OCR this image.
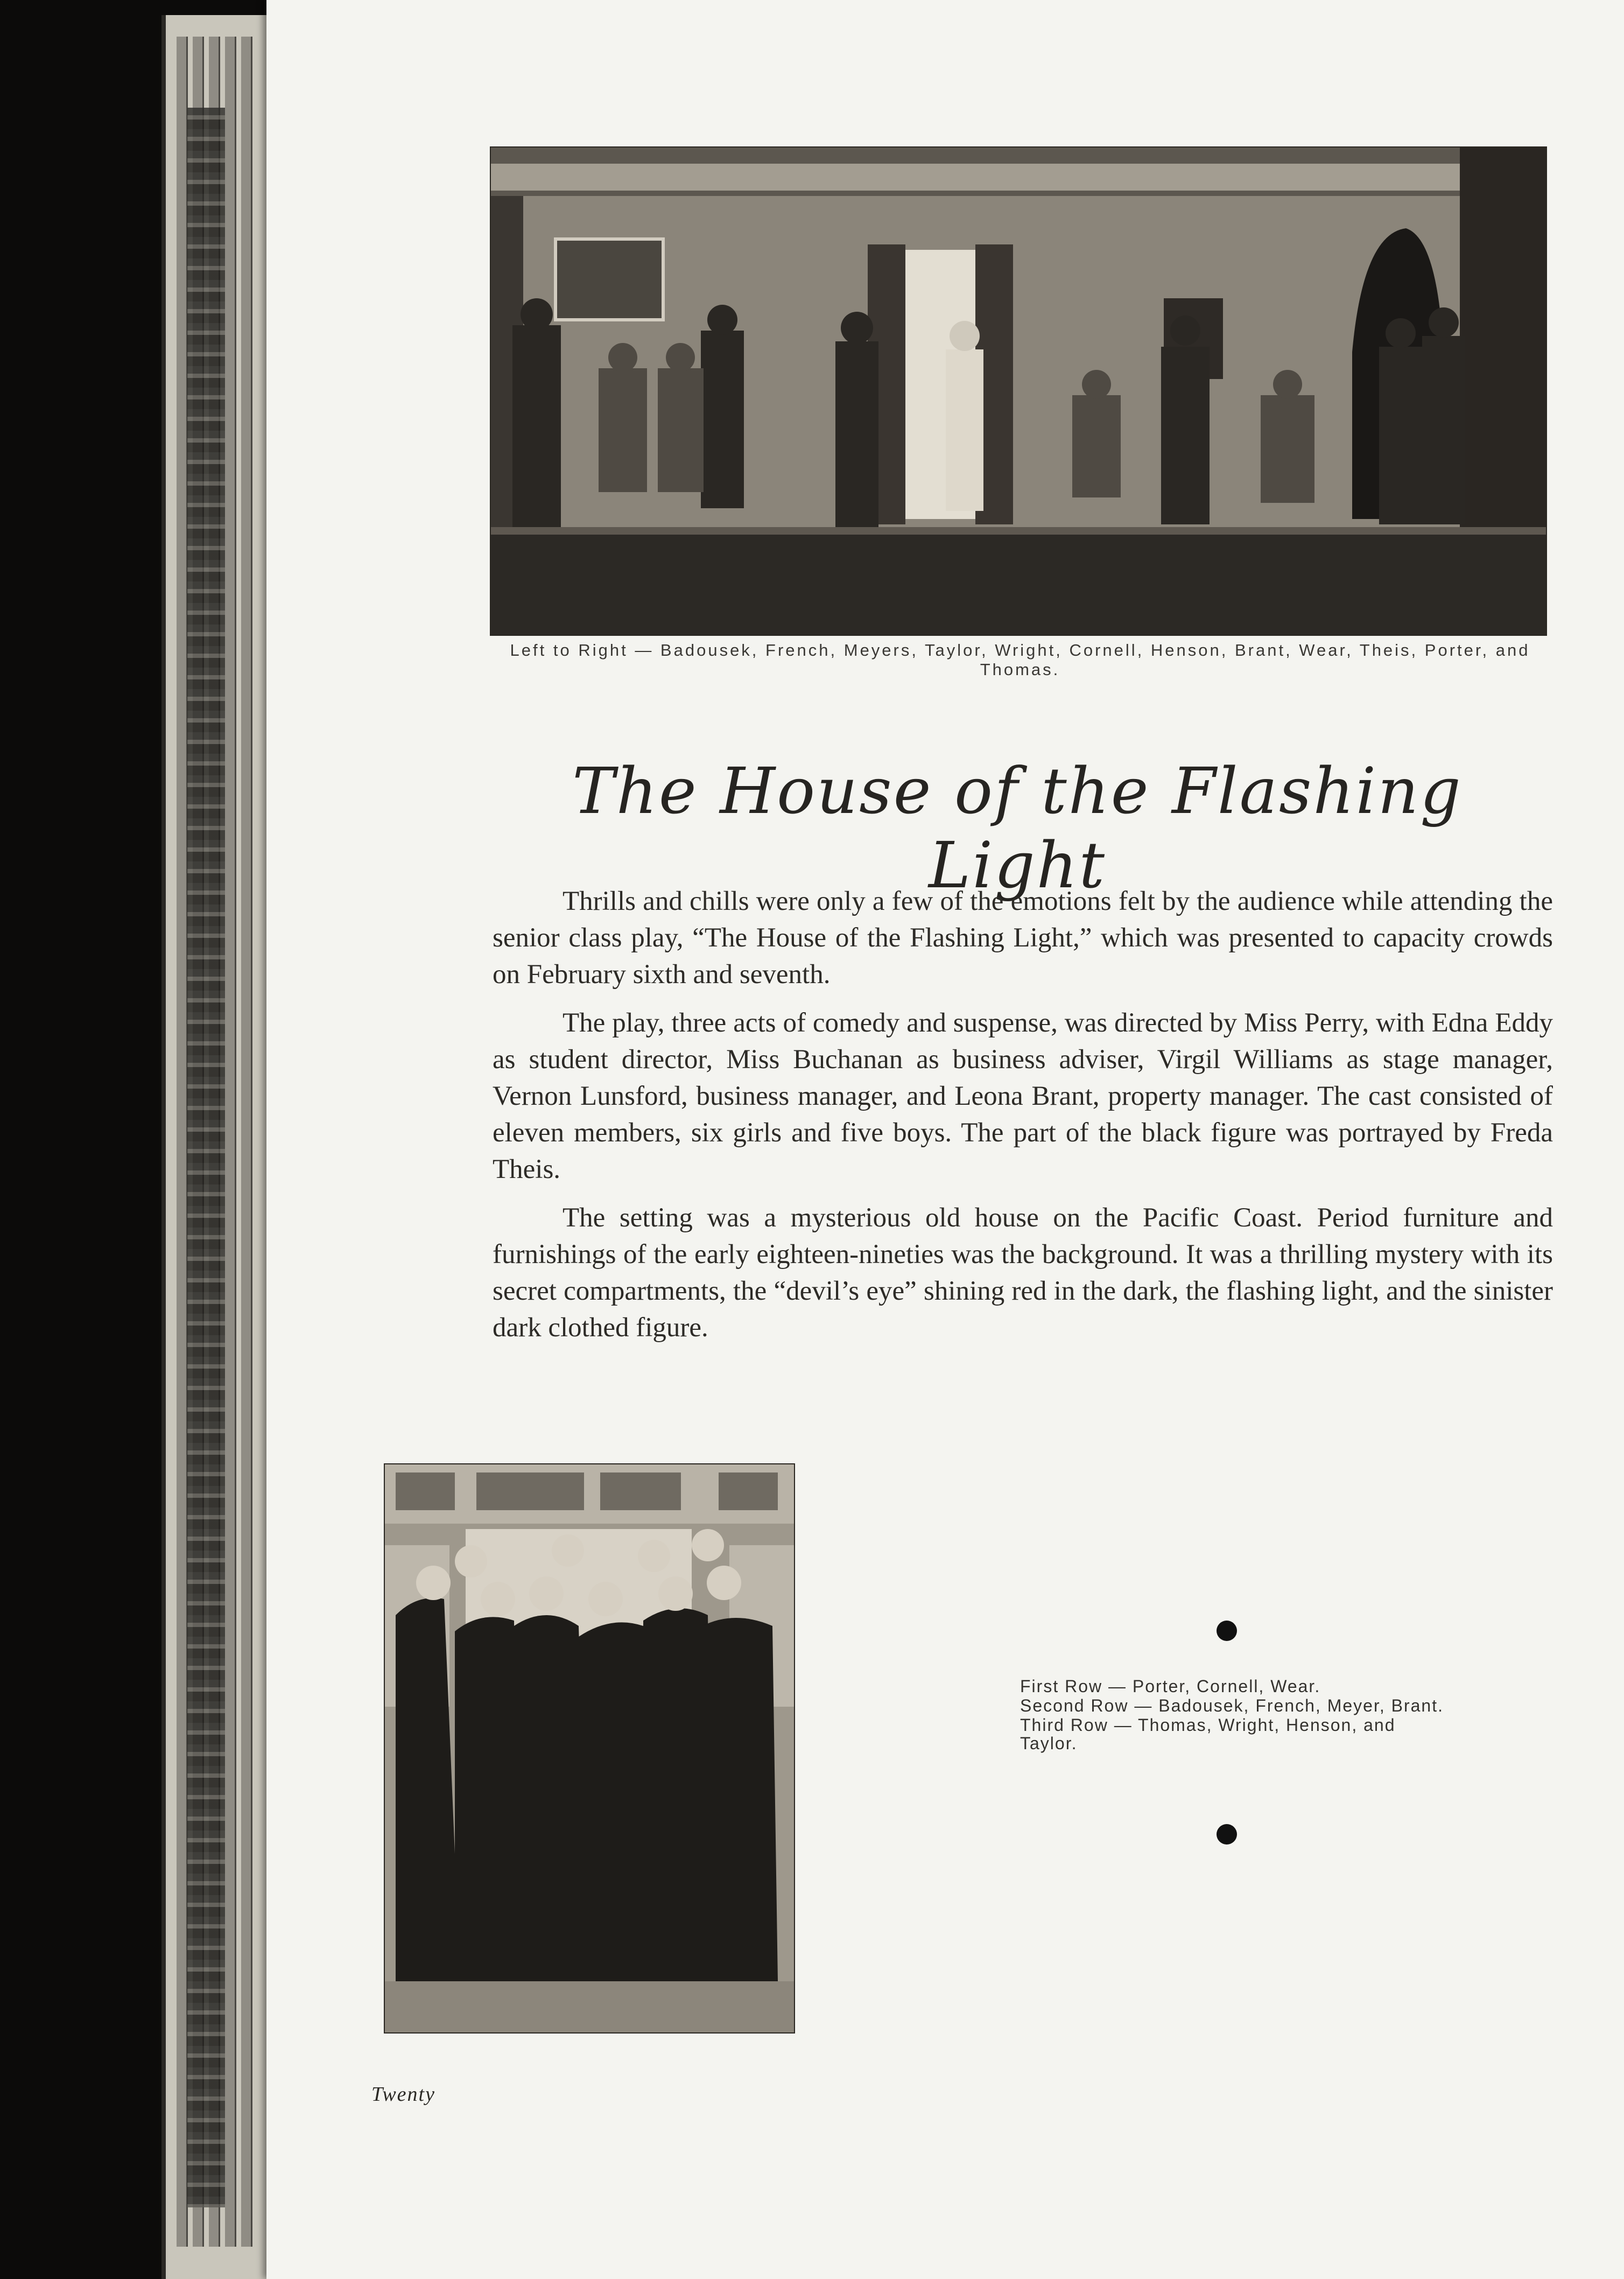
Left to Right — Badousek, French, Meyers, Taylor, Wright, Cornell, Henson, Brant, Wear, Theis, Porter, and Thomas.
The House of the Flashing Light

Thrills and chills were only a few of the emotions felt by the audience while attending the senior class play, “The House of the Flashing Light,” which was presented to capacity crowds on February sixth and seventh.

The play, three acts of comedy and suspense, was directed by Miss Perry, with Edna Eddy as student director, Miss Buchanan as business adviser, Virgil Williams as stage manager, Vernon Lunsford, business manager, and Leona Brant, property manager. The cast consisted of eleven members, six girls and five boys. The part of the black figure was portrayed by Freda Theis.

The setting was a mysterious old house on the Pacific Coast. Period furniture and furnishings of the early eighteen-nineties was the background. It was a thrilling mystery with its secret compartments, the “devil’s eye” shining red in the dark, the flashing light, and the sinister dark clothed figure.

First Row — Porter, Cornell, Wear.
Second Row — Badousek, French, Meyer, Brant.
Third Row — Thomas, Wright, Henson, and Taylor.
Twenty
